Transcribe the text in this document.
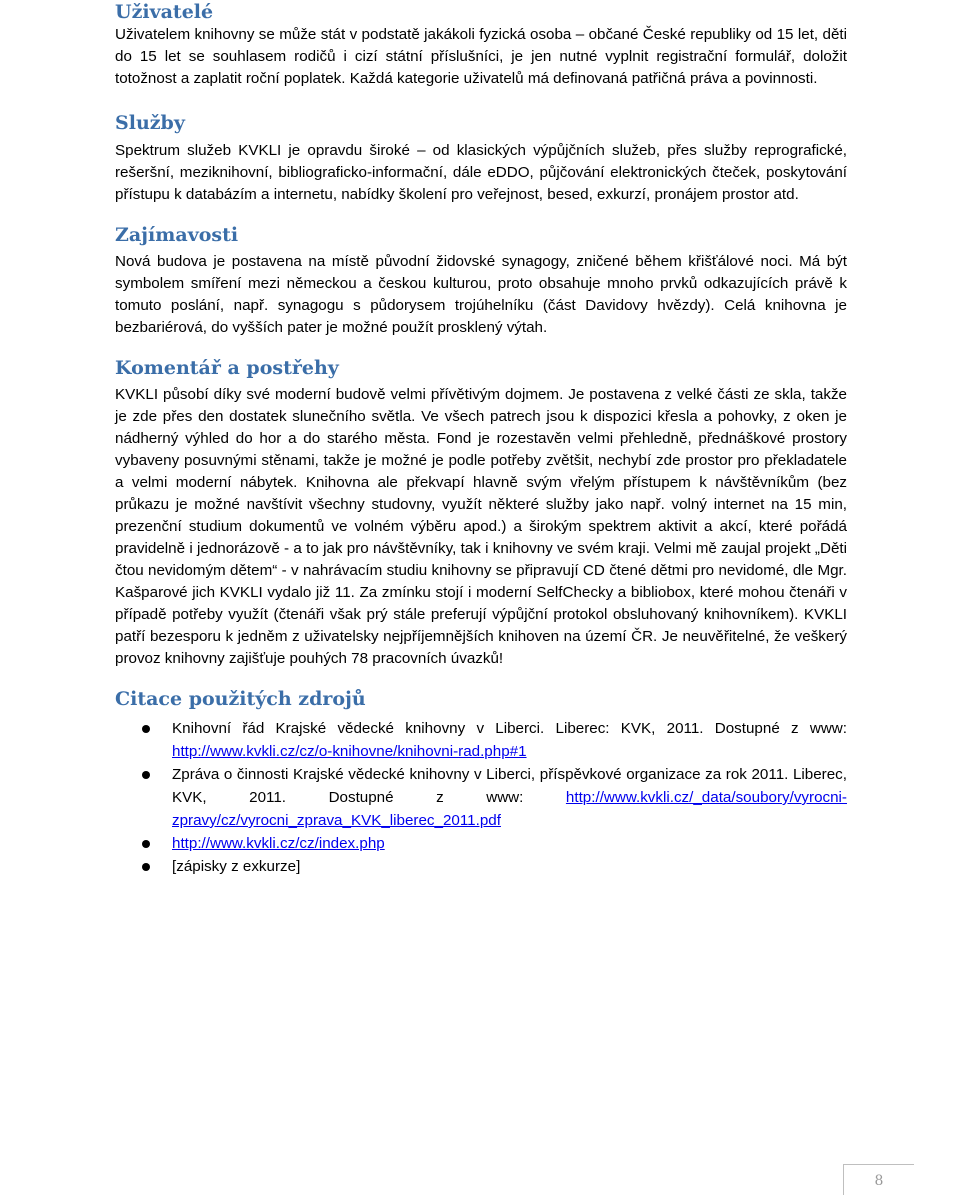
Uživatelé

Uživatelem knihovny se může stát v podstatě jakákoli fyzická osoba – občané České republiky od 15 let, děti do 15 let se souhlasem rodičů i cizí státní příslušníci, je jen nutné vyplnit registrační formulář, doložit totožnost a zaplatit roční poplatek. Každá kategorie uživatelů má definovaná patřičná práva a povinnosti.

Služby

Spektrum služeb KVKLI je opravdu široké – od klasických výpůjčních služeb, přes služby reprografické, rešeršní, meziknihovní, bibliograficko-informační, dále eDDO, půjčování elektronických čteček, poskytování přístupu k databázím a internetu, nabídky školení pro veřejnost, besed, exkurzí, pronájem prostor atd.

Zajímavosti

Nová budova je postavena na místě původní židovské synagogy, zničené během křišťálové noci. Má být symbolem smíření mezi německou a českou kulturou, proto obsahuje mnoho prvků odkazujících právě k tomuto poslání, např. synagogu s půdorysem trojúhelníku (část Davidovy hvězdy). Celá knihovna je bezbariérová, do vyšších pater je možné použít prosklený výtah.

Komentář a postřehy

KVKLI působí díky své moderní budově velmi přívětivým dojmem. Je postavena z velké části ze skla, takže je zde přes den dostatek slunečního světla. Ve všech patrech jsou k dispozici křesla a pohovky, z oken je nádherný výhled do hor a do starého města. Fond je rozestavěn velmi přehledně, přednáškové prostory vybaveny posuvnými stěnami, takže je možné je podle potřeby zvětšit, nechybí zde prostor pro překladatele a velmi moderní nábytek. Knihovna ale překvapí hlavně svým vřelým přístupem k návštěvníkům (bez průkazu je možné navštívit všechny studovny, využít některé služby jako např. volný internet na 15 min, prezenční studium dokumentů ve volném výběru apod.) a širokým spektrem aktivit a akcí, které pořádá pravidelně i jednorázově - a to jak pro návštěvníky, tak i knihovny ve svém kraji. Velmi mě zaujal projekt „Děti čtou nevidomým dětem“ - v nahrávacím studiu knihovny se připravují CD čtené dětmi pro nevidomé, dle Mgr. Kašparové jich KVKLI vydalo již 11. Za zmínku stojí i moderní SelfChecky a bibliobox, které mohou čtenáři v případě potřeby využít (čtenáři však prý stále preferují výpůjční protokol obsluhovaný knihovníkem). KVKLI patří bezesporu k jedněm z uživatelsky nejpříjemnějších knihoven na území ČR. Je neuvěřitelné, že veškerý provoz knihovny zajišťuje pouhých 78 pracovních úvazků!

Citace použitých zdrojů
Knihovní řád Krajské vědecké knihovny v Liberci. Liberec: KVK, 2011. Dostupné z www: http://www.kvkli.cz/cz/o-knihovne/knihovni-rad.php#1
Zpráva o činnosti Krajské vědecké knihovny v Liberci, příspěvkové organizace za rok 2011. Liberec, KVK, 2011. Dostupné z www: http://www.kvkli.cz/_data/soubory/vyrocni-zpravy/cz/vyrocni_zprava_KVK_liberec_2011.pdf
http://www.kvkli.cz/cz/index.php
[zápisky z exkurze]
8
